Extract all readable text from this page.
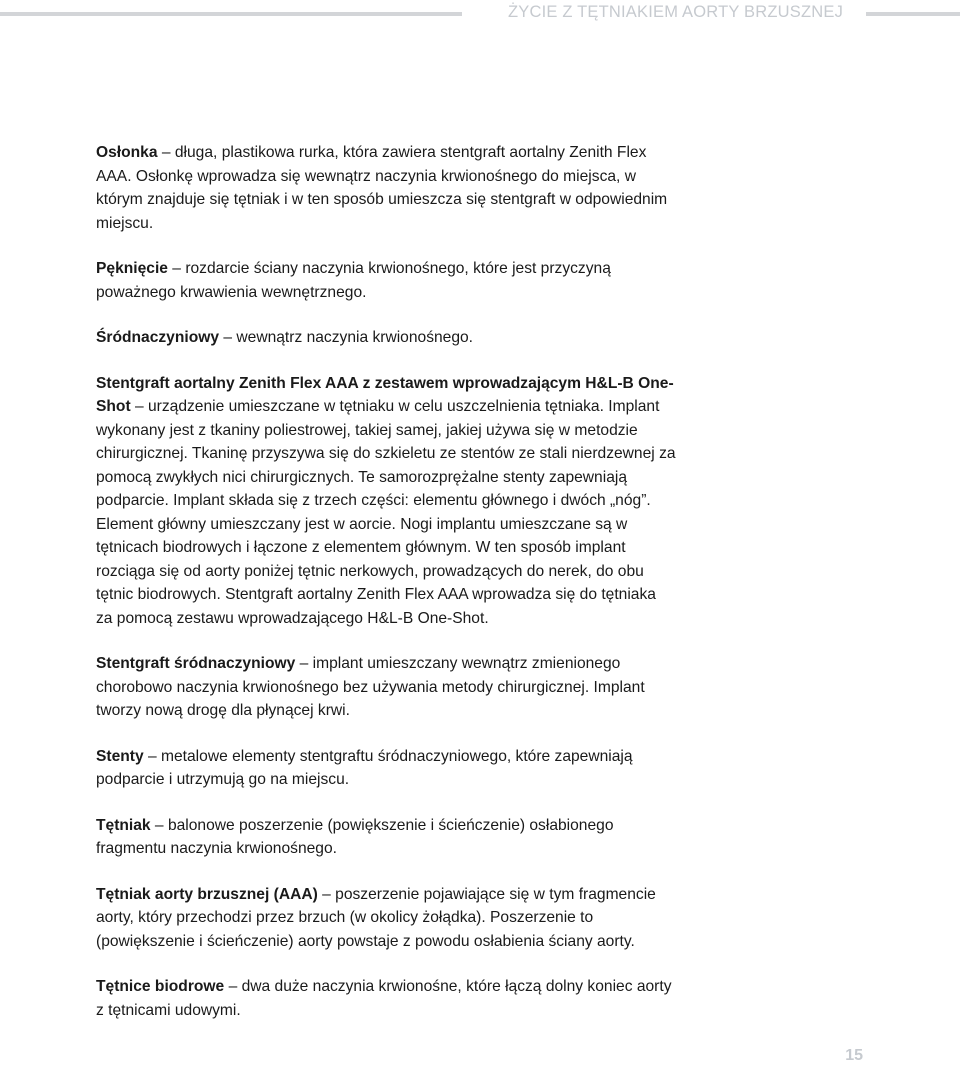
ŻYCIE Z TĘTNIAKIEM AORTY BRZUSZNEJ

Osłonka – długa, plastikowa rurka, która zawiera stentgraft aortalny Zenith Flex AAA. Osłonkę wprowadza się wewnątrz naczynia krwionośnego do miejsca, w którym znajduje się tętniak i w ten sposób umieszcza się stentgraft w odpowiednim miejscu.

Pęknięcie – rozdarcie ściany naczynia krwionośnego, które jest przyczyną poważnego krwawienia wewnętrznego.

Śródnaczyniowy – wewnątrz naczynia krwionośnego.

Stentgraft aortalny Zenith Flex AAA z zestawem wprowadzającym H&L-B One-Shot – urządzenie umieszczane w tętniaku w celu uszczelnienia tętniaka. Implant wykonany jest z tkaniny poliestrowej, takiej samej, jakiej używa się w metodzie chirurgicznej. Tkaninę przyszywa się do szkieletu ze stentów ze stali nierdzewnej za pomocą zwykłych nici chirurgicznych. Te samorozprężalne stenty zapewniają podparcie. Implant składa się z trzech części: elementu głównego i dwóch „nóg”. Element główny umieszczany jest w aorcie. Nogi implantu umieszczane są w tętnicach biodrowych i łączone z elementem głównym. W ten sposób implant rozciąga się od aorty poniżej tętnic nerkowych, prowadzących do nerek, do obu tętnic biodrowych. Stentgraft aortalny Zenith Flex AAA wprowadza się do tętniaka za pomocą zestawu wprowadzającego H&L-B One-Shot.

Stentgraft śródnaczyniowy – implant umieszczany wewnątrz zmienionego chorobowo naczynia krwionośnego bez używania metody chirurgicznej. Implant tworzy nową drogę dla płynącej krwi.

Stenty – metalowe elementy stentgraftu śródnaczyniowego, które zapewniają podparcie i utrzymują go na miejscu.

Tętniak – balonowe poszerzenie (powiększenie i ścieńczenie) osłabionego fragmentu naczynia krwionośnego.

Tętniak aorty brzusznej (AAA) – poszerzenie pojawiające się w tym fragmencie aorty, który przechodzi przez brzuch (w okolicy żołądka). Poszerzenie to (powiększenie i ścieńczenie) aorty powstaje z powodu osłabienia ściany aorty.

Tętnice biodrowe – dwa duże naczynia krwionośne, które łączą dolny koniec aorty z tętnicami udowymi.

15
